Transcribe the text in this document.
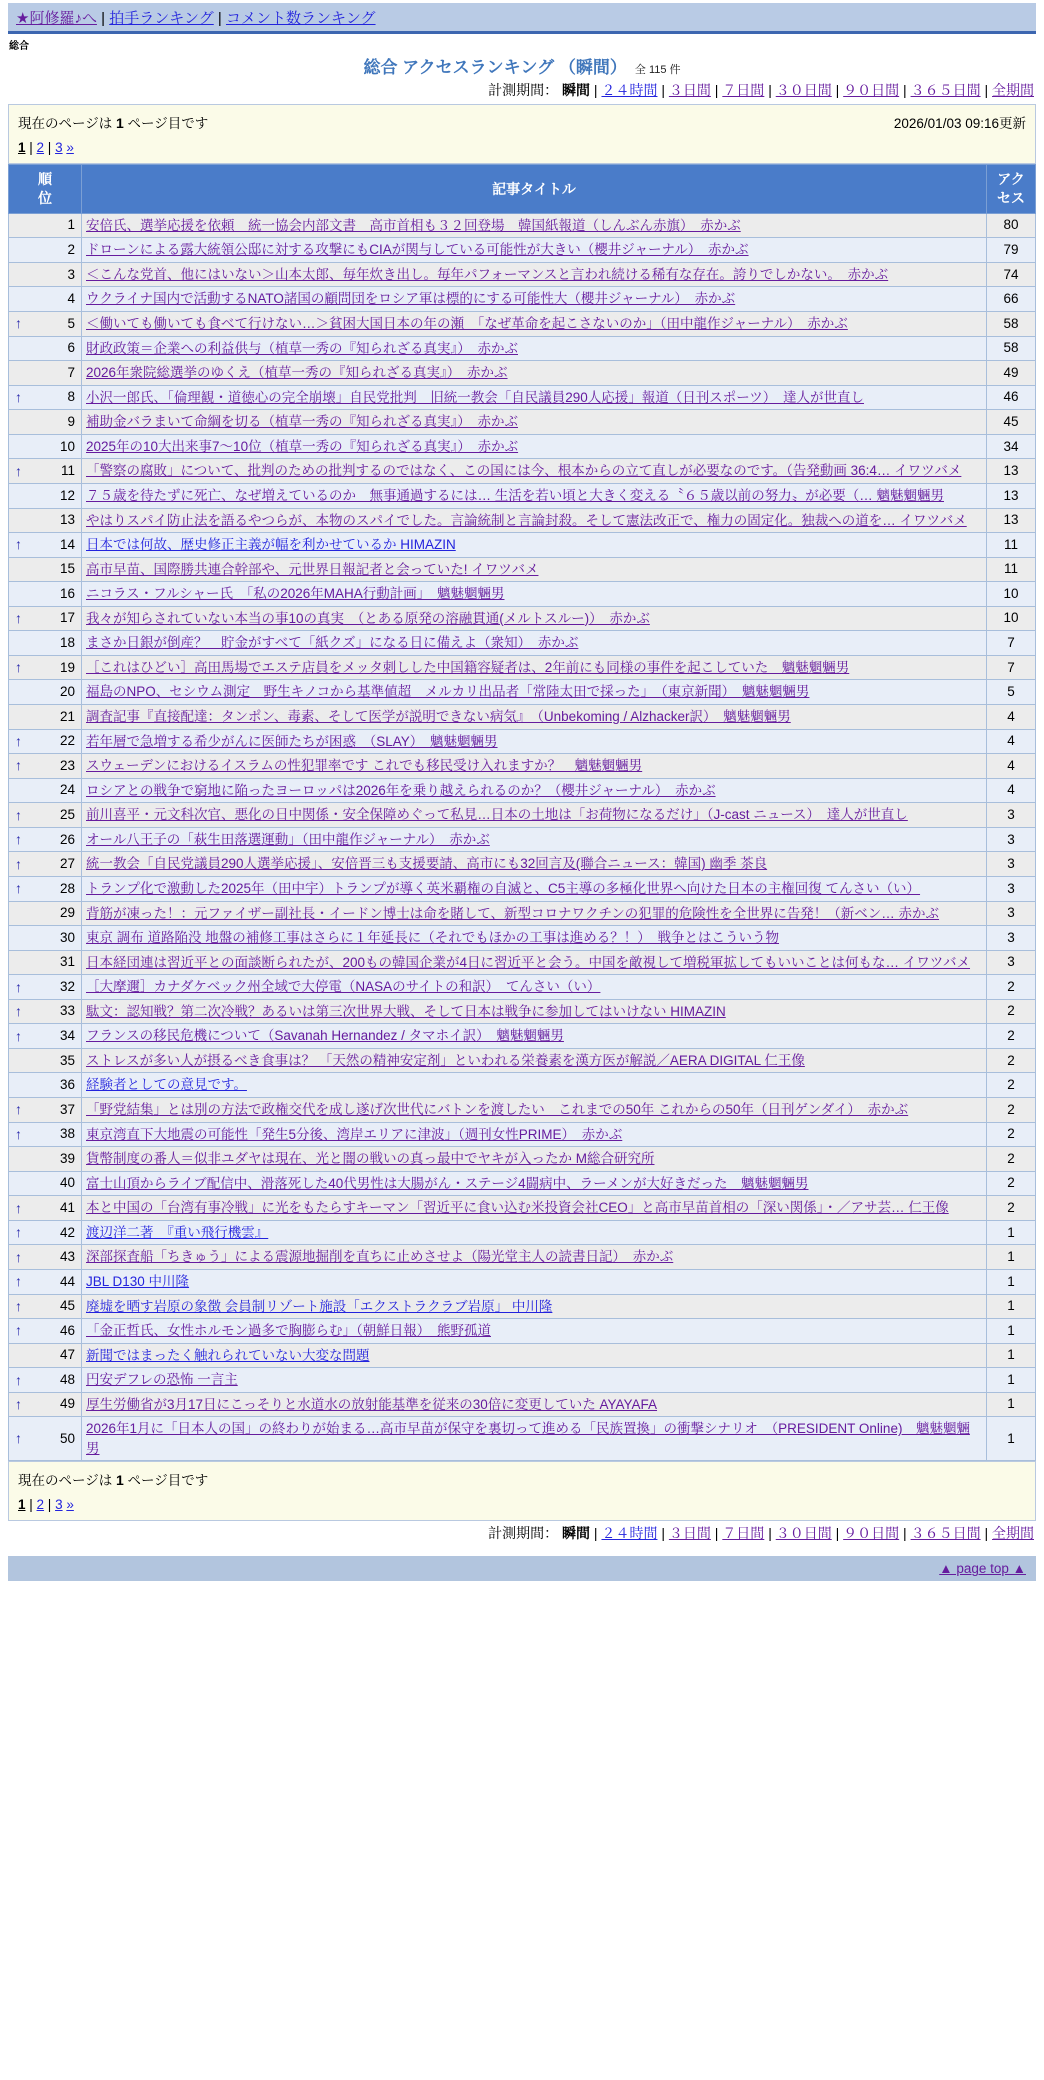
★阿修羅♪へ | 拍手ランキング | コメント数ランキング
総合
総合 アクセスランキング （瞬間） 全 115 件
計測期間： 瞬間 | ２４時間 | ３日間 | ７日間 | ３０日間 | ９０日間 | ３６５日間 | 全期間
2026/01/03 09:16更新
現在のページは 1 ページ目です
1 | 2 | 3 »
順位	記事タイトル	アクセス

1	安倍氏、選挙応援を依頼　統一協会内部文書　高市首相も３２回登場　韓国紙報道（しんぶん赤旗）　赤かぶ	80

2	ドローンによる露大統領公邸に対する攻撃にもCIAが関与している可能性が大きい（櫻井ジャーナル）　赤かぶ	79

3	＜こんな党首、他にはいない＞山本太郎、毎年炊き出し。毎年パフォーマンスと言われ続ける稀有な存在。誇りでしかない。　赤かぶ	74

4	ウクライナ国内で活動するNATO諸国の顧問団をロシア軍は標的にする可能性大（櫻井ジャーナル）　赤かぶ	66

↑ 5	＜働いても働いても食べて行けない…＞貧困大国日本の年の瀬　「なぜ革命を起こさないのか」（田中龍作ジャーナル）　赤かぶ	58

6	財政政策＝企業への利益供与（植草一秀の『知られざる真実』）　赤かぶ	58

7	2026年衆院総選挙のゆくえ（植草一秀の『知られざる真実』）　赤かぶ	49

↑ 8	小沢一郎氏、「倫理観・道徳心の完全崩壊」自民党批判　旧統一教会「自民議員290人応援」報道（日刊スポーツ）　達人が世直し	46

9	補助金バラまいて命綱を切る（植草一秀の『知られざる真実』）　赤かぶ	45

10	2025年の10大出来事7～10位（植草一秀の『知られざる真実』）　赤かぶ	34

↑ 11	「警察の腐敗」について、批判のための批判するのではなく、この国には今、根本からの立て直しが必要なのです。（告発動画 36:4… イワツバメ	13

12	７５歳を待たずに死亡、なぜ増えているのか　無事通過するには… 生活を若い頃と大きく変える〝６５歳以前の努力〟が必要（… 魑魅魍魎男	13

13	やはりスパイ防止法を語るやつらが、本物のスパイでした。言論統制と言論封殺。そして憲法改正で、権力の固定化。独裁への道を… イワツバメ	13

↑ 14	日本では何故、歴史修正主義が幅を利かせているか HIMAZIN	11

15	高市早苗、国際勝共連合幹部や、元世界日報記者と会っていた! イワツバメ	11

16	ニコラス・フルシャー氏　「私の2026年MAHA行動計画」　魑魅魍魎男	10

↑ 17	我々が知らされていない本当の事10の真実　（とある原発の溶融貫通(メルトスルー)）　赤かぶ	10

18	まさか日銀が倒産？　貯金がすべて「紙クズ」になる日に備えよ（衆知）　赤かぶ	7

↑ 19	［これはひどい］高田馬場でエステ店員をメッタ刺しした中国籍容疑者は、2年前にも同様の事件を起こしていた　魑魅魍魎男	7

20	福島のNPO、セシウム測定　野生キノコから基準値超　メルカリ出品者「常陸太田で採った」　（東京新聞）　魑魅魍魎男	5

21	調査記事『直接配達：タンポン、毒素、そして医学が説明できない病気』　（Unbekoming / Alzhacker訳）　魑魅魍魎男	4

↑ 22	若年層で急増する希少がんに医師たちが困惑　（SLAY）　魑魅魍魎男	4

↑ 23	スウェーデンにおけるイスラムの性犯罪率です これでも移民受け入れますか？　魑魅魍魎男	4

24	ロシアとの戦争で窮地に陥ったヨーロッパは2026年を乗り越えられるのか？（櫻井ジャーナル）　赤かぶ	4

↑ 25	前川喜平・元文科次官、悪化の日中関係・安全保障めぐって私見…日本の土地は「お荷物になるだけ」（J-cast ニュース）　達人が世直し	3

↑ 26	オール八王子の「萩生田落選運動」（田中龍作ジャーナル）　赤かぶ	3

↑ 27	統一教会「自民党議員290人選挙応援」、安倍晋三も支援要請、高市にも32回言及(聯合ニュース：韓国) 幽季 茶良	3

↑ 28	トランプ化で激動した2025年（田中宇）トランプが導く英米覇権の自滅と、C5主導の多極化世界へ向けた日本の主権回復 てんさい（い）	3

29	背筋が凍った！：元ファイザー副社長・イードン博士は命を賭して、新型コロナワクチンの犯罪的危険性を全世界に告発！（新ベン… 赤かぶ	3

30	東京 調布 道路陥没 地盤の補修工事はさらに１年延長に（それでもほかの工事は進める？！）　戦争とはこういう物	3

31	日本経団連は習近平との面談断られたが、200もの韓国企業が4日に習近平と会う。中国を敵視して増税軍拡してもいいことは何もな… イワツバメ	3

↑ 32	［大摩邇］カナダケベック州全域で大停電（NASAのサイトの和訳）　てんさい（い）	2

↑ 33	駄文：認知戦？第二次冷戦？あるいは第三次世界大戦、そして日本は戦争に参加してはいけない HIMAZIN	2

↑ 34	フランスの移民危機について（Savanah Hernandez / タマホイ訳）　魑魅魍魎男	2

35	ストレスが多い人が摂るべき食事は？ 「天然の精神安定剤」といわれる栄養素を漢方医が解説／AERA DIGITAL 仁王像	2

36	経験者としての意見です。	2

↑ 37	「野党結集」とは別の方法で政権交代を成し遂げ次世代にバトンを渡したい　これまでの50年 これからの50年（日刊ゲンダイ）　赤かぶ	2

↑ 38	東京湾直下大地震の可能性「発生5分後、湾岸エリアに津波」（週刊女性PRIME）　赤かぶ	2

39	貨幣制度の番人＝似非ユダヤは現在、光と闇の戦いの真っ最中でヤキが入ったか M総合研究所	2

40	富士山頂からライブ配信中、滑落死した40代男性は大腸がん・ステージ4闘病中、ラーメンが大好きだった　魑魅魍魎男	2

↑ 41	本と中国の「台湾有事冷戦」に光をもたらすキーマン「習近平に食い込む米投資会社CEO」と高市早苗首相の「深い関係」・／アサ芸… 仁王像	2

↑ 42	渡辺洋二著　『重い飛行機雲』	1

↑ 43	深部探査船「ちきゅう」による震源地掘削を直ちに止めさせよ（陽光堂主人の読書日記）　赤かぶ	1

↑ 44	JBL D130 中川隆	1

↑ 45	廃墟を晒す岩原の象徴 会員制リゾート施設「エクストラクラブ岩原」 中川隆	1

↑ 46	「金正哲氏、女性ホルモン過多で胸膨らむ」（朝鮮日報）　熊野孤道	1

47	新聞ではまったく触れられていない大変な問題	1

↑ 48	円安デフレの恐怖 一言主	1

↑ 49	厚生労働省が3月17日にこっそりと水道水の放射能基準を従来の30倍に変更していた AYAYAFA	1

↑ 50	2026年1月に「日本人の国」の終わりが始まる…高市早苗が保守を裏切って進める「民族置換」の衝撃シナリオ　（PRESIDENT Online)　魑魅魍魎男	1
現在のページは 1 ページ目です
1 | 2 | 3 »
計測期間： 瞬間 | ２４時間 | ３日間 | ７日間 | ３０日間 | ９０日間 | ３６５日間 | 全期間
▲ page top ▲
